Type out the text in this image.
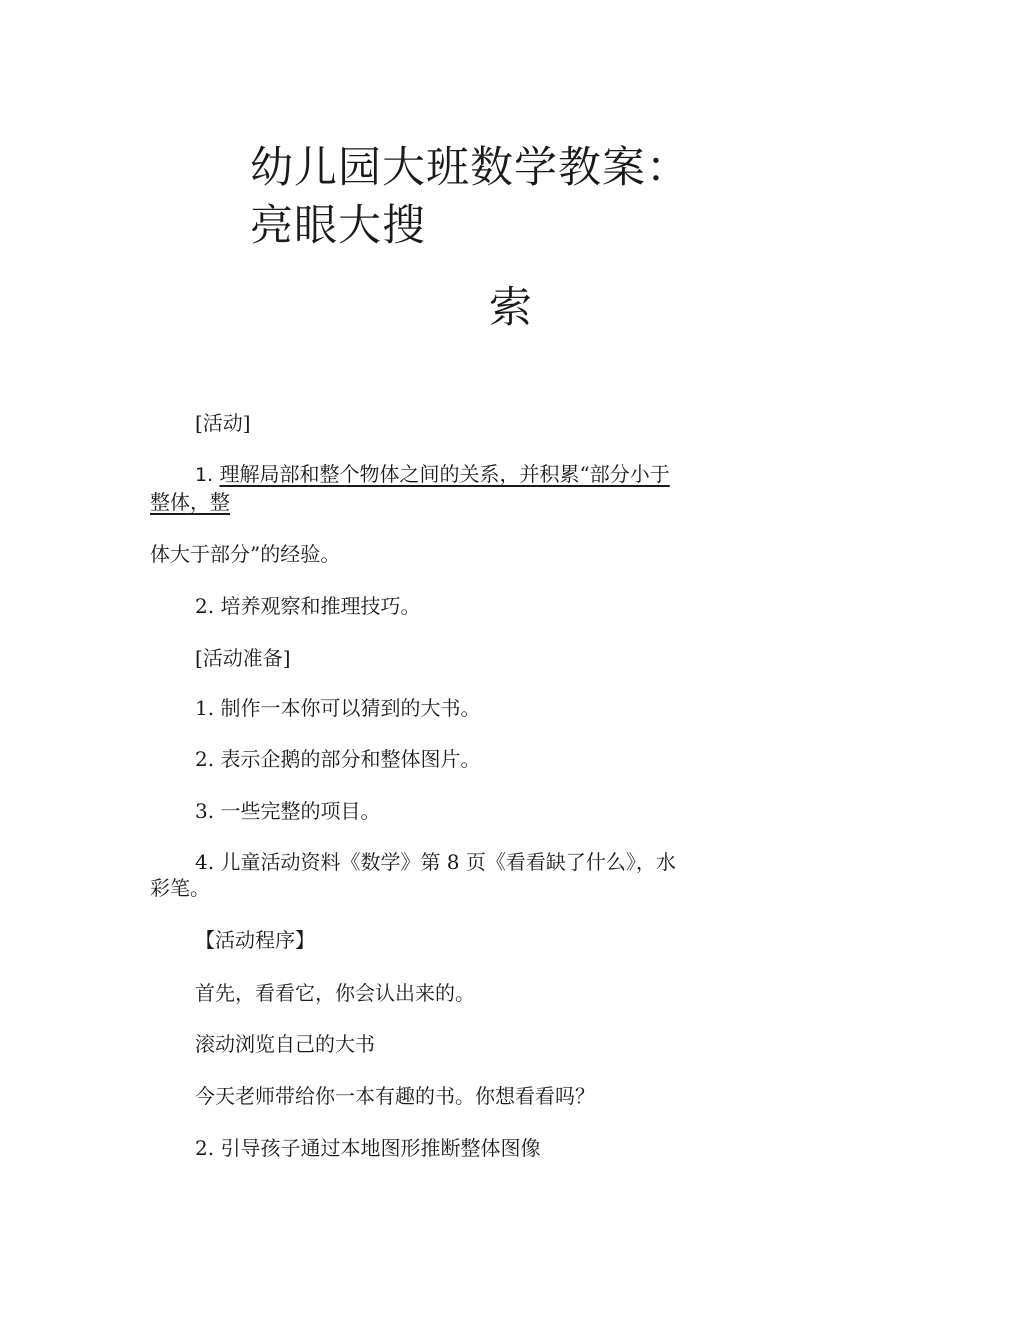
幼儿园大班数学教案：
亮眼大搜
索
[活动]
1. 理解局部和整个物体之间的关系，并积累“部分小于
整体，整
体大于部分”的经验。
2. 培养观察和推理技巧。
[活动准备]
1. 制作一本你可以猜到的大书。
2. 表示企鹅的部分和整体图片。
3. 一些完整的项目。
4. 儿童活动资料《数学》第 8 页《看看缺了什么》，水
彩笔。
【活动程序】
首先，看看它，你会认出来的。
滚动浏览自己的大书
今天老师带给你一本有趣的书。你想看看吗？
2. 引导孩子通过本地图形推断整体图像
